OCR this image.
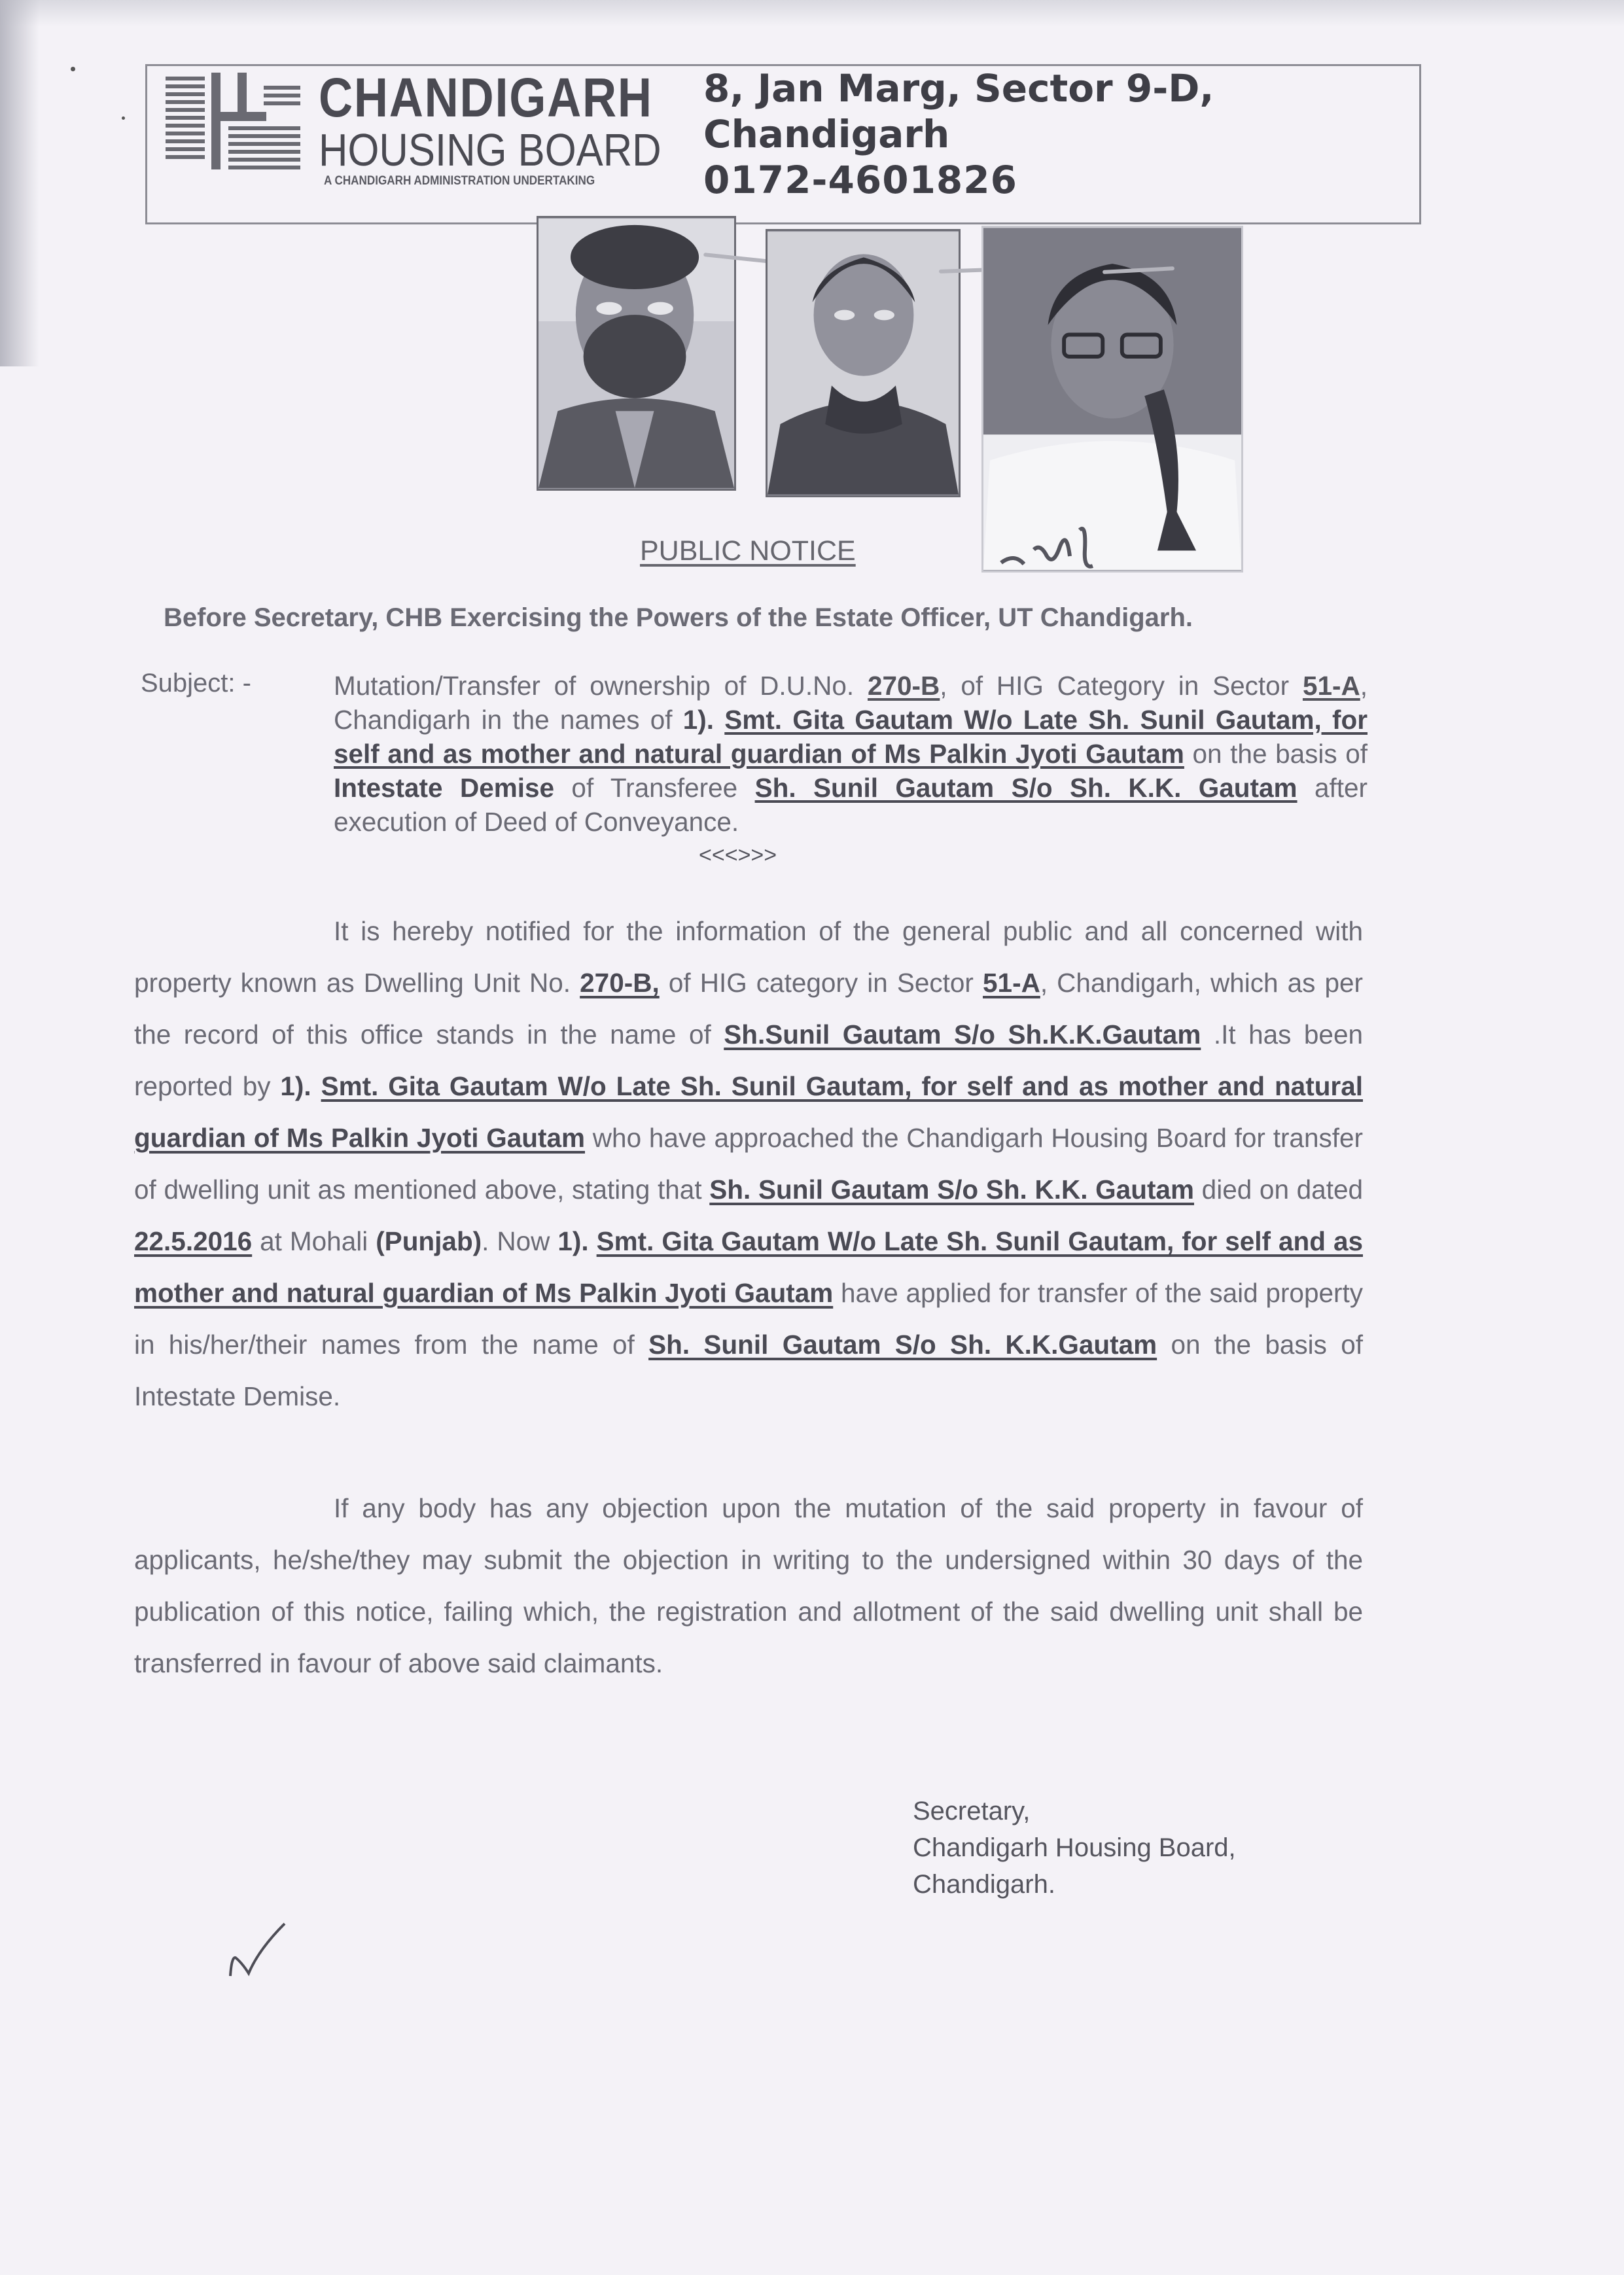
CHANDIGARH
HOUSING BOARD
A CHANDIGARH ADMINISTRATION UNDERTAKING
8, Jan Marg, Sector 9-D,
Chandigarh
0172-4601826
PUBLIC NOTICE
Before Secretary, CHB Exercising the Powers of the Estate Officer, UT Chandigarh.
Subject: -	Mutation/Transfer of ownership of D.U.No. 270-B, of HIG Category in Sector 51-A, Chandigarh in the names of 1). Smt. Gita Gautam W/o Late Sh. Sunil Gautam, for self and as mother and natural guardian of Ms Palkin Jyoti Gautam on the basis of Intestate Demise of Transferee Sh. Sunil Gautam S/o Sh. K.K. Gautam after execution of Deed of Conveyance.
<<<>>>
It is hereby notified for the information of the general public and all concerned with property known as Dwelling Unit No. 270-B, of HIG category in Sector 51-A, Chandigarh, which as per the record of this office stands in the name of Sh.Sunil Gautam S/o Sh.K.K.Gautam .It has been reported by 1). Smt. Gita Gautam W/o Late Sh. Sunil Gautam, for self and as mother and natural guardian of Ms Palkin Jyoti Gautam who have approached the Chandigarh Housing Board for transfer of dwelling unit as mentioned above, stating that Sh. Sunil Gautam S/o Sh. K.K. Gautam died on dated 22.5.2016 at Mohali (Punjab). Now 1). Smt. Gita Gautam W/o Late Sh. Sunil Gautam, for self and as mother and natural guardian of Ms Palkin Jyoti Gautam have applied for transfer of the said property in his/her/their names from the name of Sh. Sunil Gautam S/o Sh. K.K.Gautam on the basis of Intestate Demise.
If any body has any objection upon the mutation of the said property in favour of applicants, he/she/they may submit the objection in writing to the undersigned within 30 days of the publication of this notice, failing which, the registration and allotment of the said dwelling unit shall be transferred in favour of above said claimants.
Secretary,
Chandigarh Housing Board,
Chandigarh.
